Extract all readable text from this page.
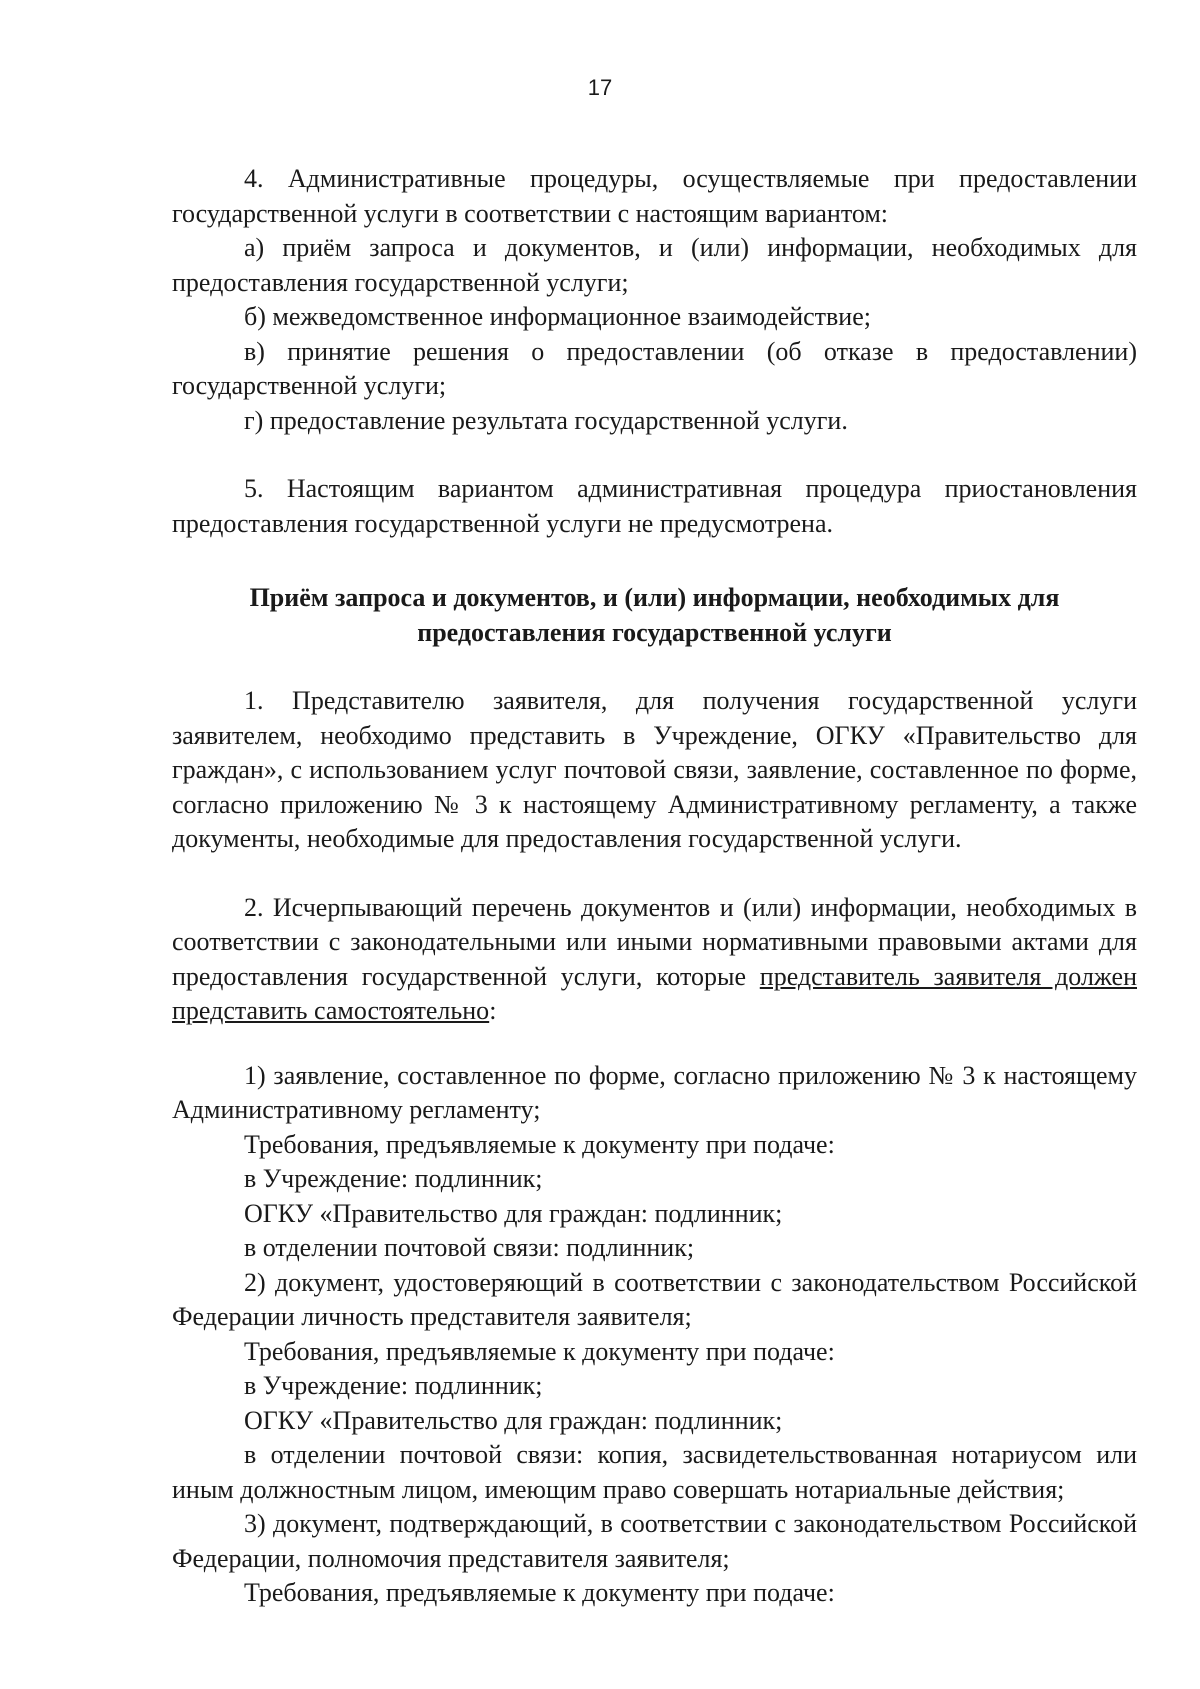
17

4. Административные процедуры, осуществляемые при предоставлении государственной услуги в соответствии с настоящим вариантом:

а) приём запроса и документов, и (или) информации, необходимых для предоставления государственной услуги;

б) межведомственное информационное взаимодействие;

в) принятие решения о предоставлении (об отказе в предоставлении) государственной услуги;

г) предоставление результата государственной услуги.

5. Настоящим вариантом административная процедура приостановления предоставления государственной услуги не предусмотрена.

Приём запроса и документов, и (или) информации, необходимых для
предоставления государственной услуги

1. Представителю заявителя, для получения государственной услуги заявителем, необходимо представить в Учреждение, ОГКУ «Правительство для граждан», с использованием услуг почтовой связи, заявление, составленное по форме, согласно приложению № 3 к настоящему Административному регламенту, а также документы, необходимые для предоставления государственной услуги.

2. Исчерпывающий перечень документов и (или) информации, необходимых в соответствии с законодательными или иными нормативными правовыми актами для предоставления государственной услуги, которые представитель заявителя должен представить самостоятельно:

1) заявление, составленное по форме, согласно приложению № 3 к настоящему Административному регламенту;

Требования, предъявляемые к документу при подаче:

в Учреждение: подлинник;

ОГКУ «Правительство для граждан: подлинник;

в отделении почтовой связи: подлинник;

2) документ, удостоверяющий в соответствии с законодательством Российской Федерации личность представителя заявителя;

Требования, предъявляемые к документу при подаче:

в Учреждение: подлинник;

ОГКУ «Правительство для граждан: подлинник;

в отделении почтовой связи: копия, засвидетельствованная нотариусом или иным должностным лицом, имеющим право совершать нотариальные действия;

3) документ, подтверждающий, в соответствии с законодательством Российской Федерации, полномочия представителя заявителя;

Требования, предъявляемые к документу при подаче:
